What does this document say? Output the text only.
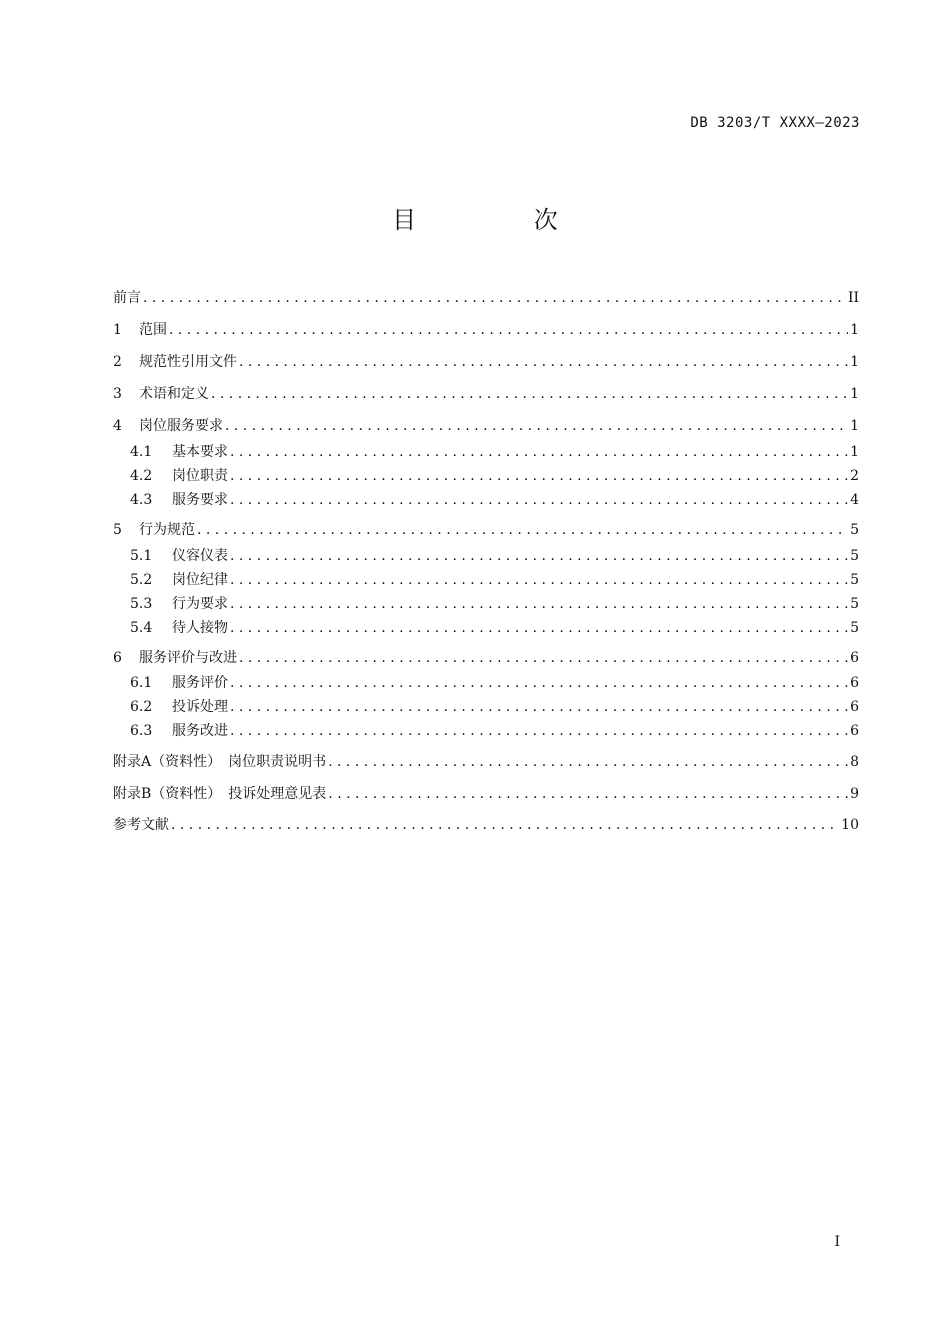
DB 3203/T XXXX—2023
目 次
前言 . . .	II
1 范围 . . .	1
2 规范性引用文件 . . .	1
3 术语和定义 . . .	1
4 岗位服务要求 . . .	1
4.1 基本要求 . . .	1
4.2 岗位职责 . . .	2
4.3 服务要求 . . .	4
5 行为规范 . . .	5
5.1 仪容仪表 . . .	5
5.2 岗位纪律 . . .	5
5.3 行为要求 . . .	5
5.4 待人接物 . . .	5
6 服务评价与改进 . . .	6
6.1 服务评价 . . .	6
6.2 投诉处理 . . .	6
6.3 服务改进 . . .	6
附录A（资料性）　岗位职责说明书 . . .	8
附录B（资料性）　投诉处理意见表 . . .	9
参考文献 . . .	10
I
